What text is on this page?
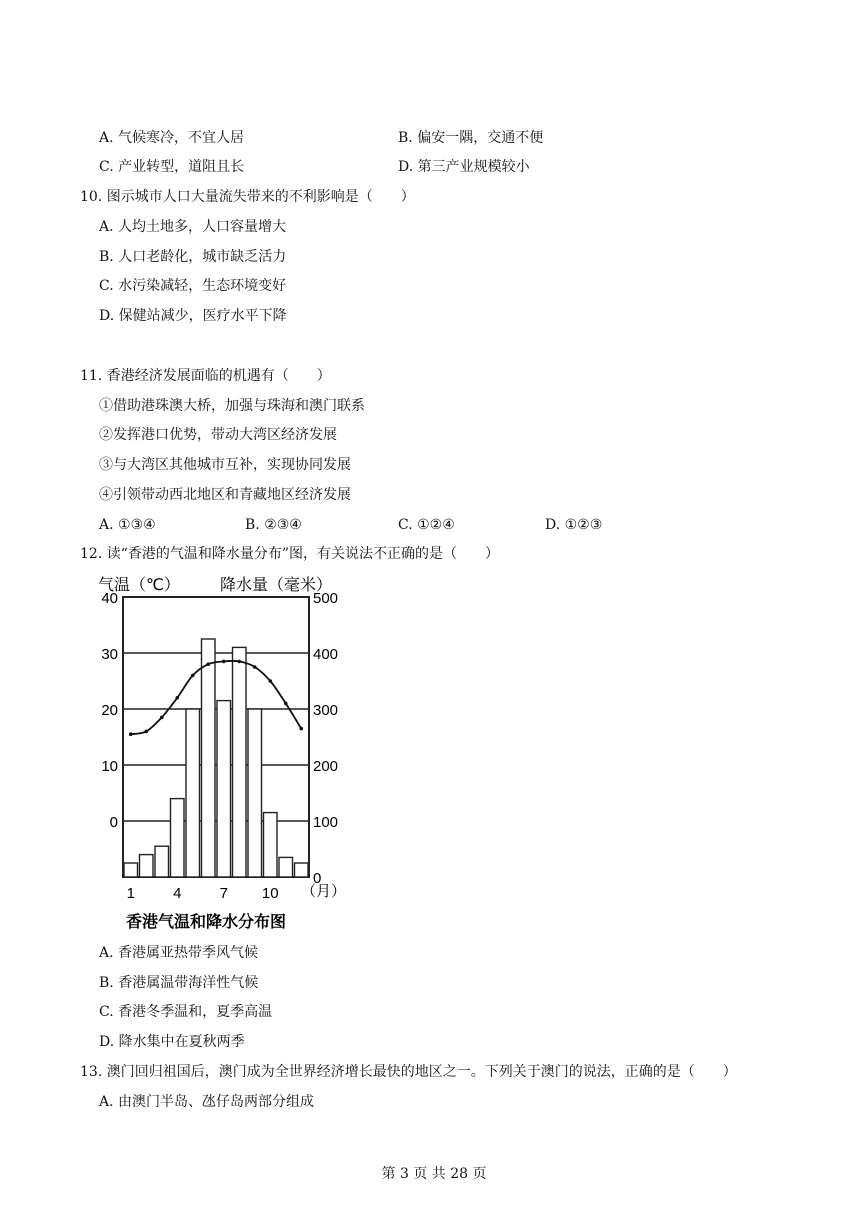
A. 气候寒冷，不宜人居	B. 偏安一隅，交通不便
C. 产业转型，道阻且长	D. 第三产业规模较小
10. 图示城市人口大量流失带来的不利影响是（　　）
A. 人均土地多，人口容量增大
B. 人口老龄化，城市缺乏活力
C. 水污染减轻，生态环境变好
D. 保健站减少，医疗水平下降
11. 香港经济发展面临的机遇有（　　）
①借助港珠澳大桥，加强与珠海和澳门联系
②发挥港口优势，带动大湾区经济发展
③与大湾区其他城市互补，实现协同发展
④引领带动西北地区和青藏地区经济发展
A. ①③④	B. ②③④	C. ①②④	D. ①②③
12. 读“香港的气温和降水量分布”图，有关说法不正确的是（　　）
气温（℃）	降水量（毫米）
40
30
20
10
0
500
400
300
200
100
0
1	4	7 10 （月）
香港气温和降水分布图
A. 香港属亚热带季风气候
B. 香港属温带海洋性气候
C. 香港冬季温和，夏季高温
D. 降水集中在夏秋两季
13. 澳门回归祖国后，澳门成为全世界经济增长最快的地区之一。下列关于澳门的说法，正确的是（　　）
A. 由澳门半岛、氹仔岛两部分组成
第 3 页 共 28 页
